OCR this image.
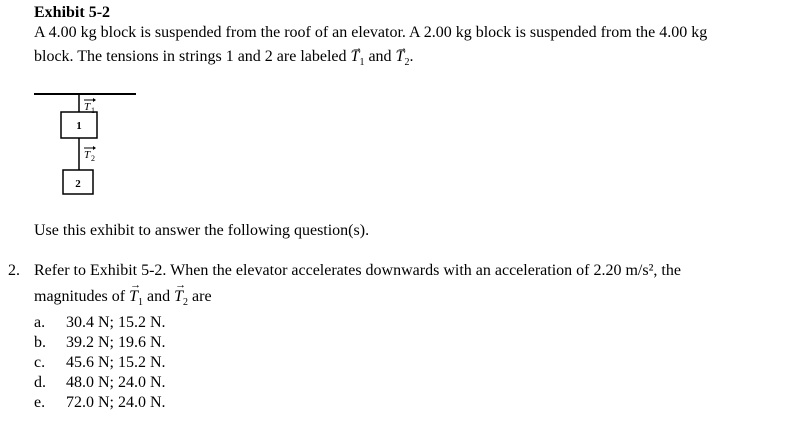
Exhibit 5-2
A 4.00 kg block is suspended from the roof of an elevator. A 2.00 kg block is suspended from the 4.00 kg
block. The tensions in strings 1 and 2 are labeled → $T_1$ and → $T_2$.
1
2
T 1
T 2
Use this exhibit to answer the following question(s).
2. Refer to Exhibit 5-2. When the elevator accelerates downwards with an acceleration of 2.20 m/s², the
magnitudes of → $T_1$ and → $T_2$ are
a. 30.4 N; 15.2 N.
b. 39.2 N; 19.6 N.
c. 45.6 N; 15.2 N.
d. 48.0 N; 24.0 N.
e. 72.0 N; 24.0 N.
